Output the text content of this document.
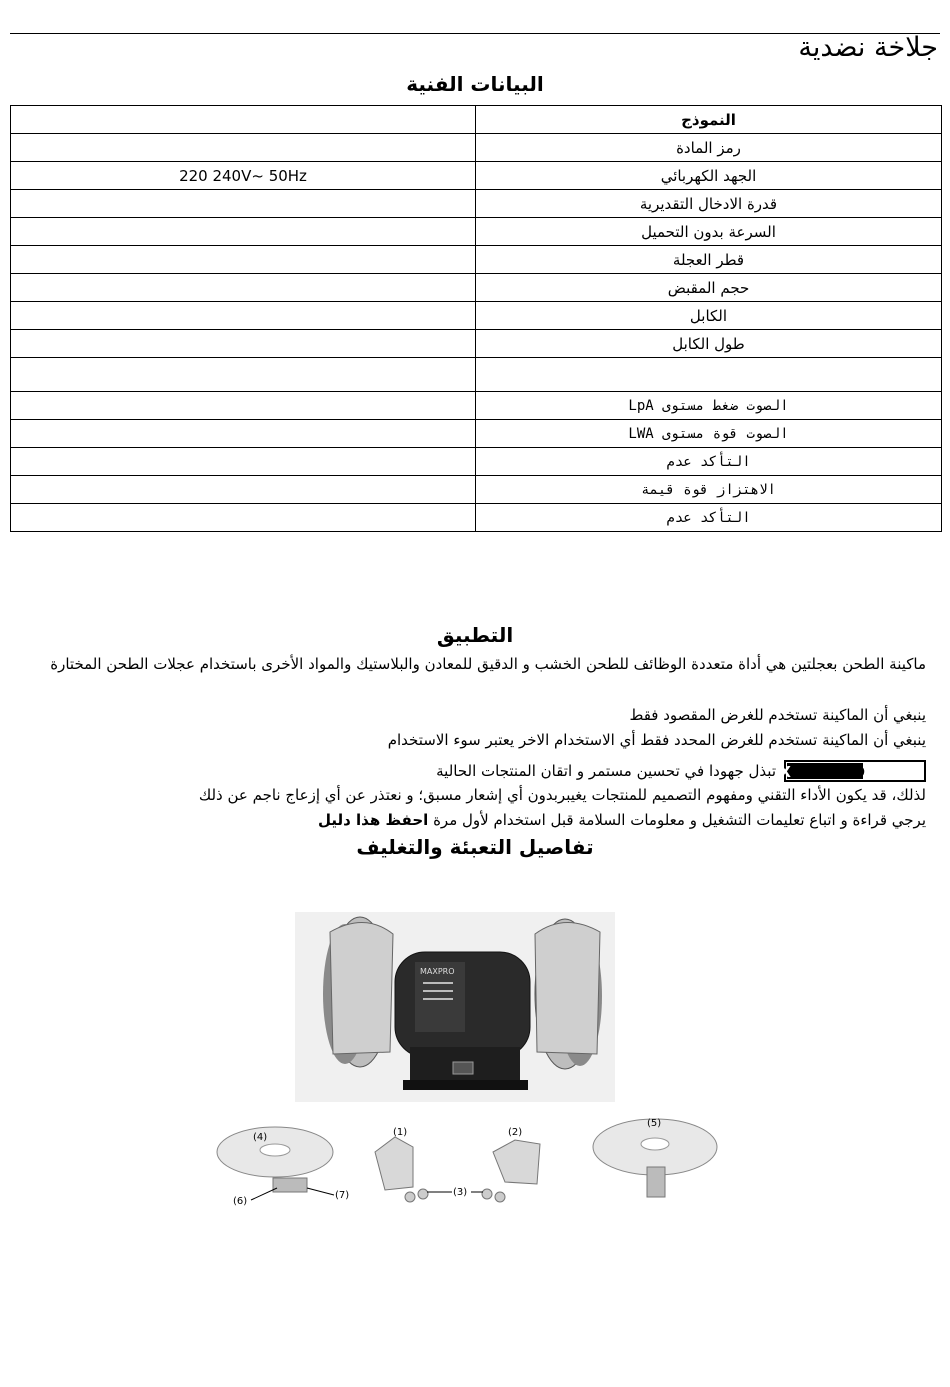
جلاخة نضدية
البيانات الفنية
	النموذج
	رمز المادة
220 240V~ 50Hz	الجهد الكهربائي
	قدرة الادخال التقديرية
	السرعة بدون التحميل
	قطر العجلة
	حجم المقبض
	الكابل
	طول الكابل

	الصوت ضغط مستوى LpA
	الصوت قوة مستوى LWA
	التأكد عدم
	الاهتزاز قوة قيمة
	التأكد عدم
التطبيق
ماكينة الطحن بعجلتين هي أداة متعددة الوظائف للطحن الخشب و الدقيق للمعادن والبلاستيك والمواد الأخرى باستخدام عجلات الطحن المختارة
ينبغي أن الماكينة تستخدم للغرض المقصود فقط
ينبغي أن الماكينة تستخدم للغرض المحدد فقط أي الاستخدام الاخر يعتبر سوء الاستخدام
X PRO
تبذل جهودا في تحسين مستمر و اتقان المنتجات الحالية
لذلك، قد يكون الأداء التقني ومفهوم التصميم للمنتجات يغيبربدون أي إشعار مسبق؛ و نعتذر عن أي إزعاج ناجم عن ذلك
يرجي قراءة و اتباع تعليمات التشغيل و معلومات السلامة قبل استخدام لأول مرة احفظ هذا دليل
تفاصيل التعبئة والتغليف
MAXPRO
(4)
(6)
(7)
(1)	(2)
(3)
(5)
